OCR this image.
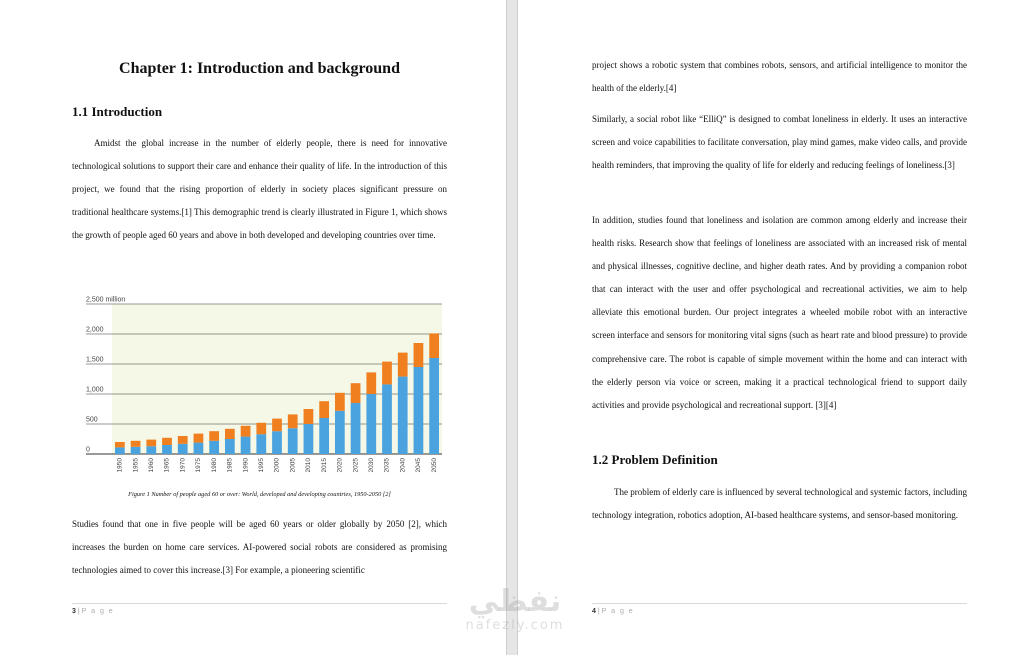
Chapter 1: Introduction and background
1.1 Introduction
Amidst the global increase in the number of elderly people, there is need for innovative technological solutions to support their care and enhance their quality of life. In the introduction of this project, we found that the rising proportion of elderly in society places significant pressure on traditional healthcare systems.[1] This demographic trend is clearly illustrated in Figure 1, which shows the growth of people aged 60 years and above in both developed and developing countries over time.
0
500
1,000
1,500
2,000
2,500 million
1950 1955 1960 1965 1970 1975 1980 1985 1990 1995 2000 2005 2010 2015 2020 2025 2030 2035 2040 2045 2050
Figure 1 Number of people aged 60 or over: World, developed and developing countries, 1950-2050 [2]
Studies found that one in five people will be aged 60 years or older globally by 2050 [2], which increases the burden on home care services. AI-powered social robots are considered as promising technologies aimed to cover this increase.[3] For example, a pioneering scientific
3 | P a g e
project shows a robotic system that combines robots, sensors, and artificial intelligence to monitor the health of the elderly.[4]
Similarly, a social robot like “ElliQ” is designed to combat loneliness in elderly. It uses an interactive screen and voice capabilities to facilitate conversation, play mind games, make video calls, and provide health reminders, that improving the quality of life for elderly and reducing feelings of loneliness.[3]
In addition, studies found that loneliness and isolation are common among elderly and increase their health risks. Research show that feelings of loneliness are associated with an increased risk of mental and physical illnesses, cognitive decline, and higher death rates. And by providing a companion robot that can interact with the user and offer psychological and recreational activities, we aim to help alleviate this emotional burden. Our project integrates a wheeled mobile robot with an interactive screen interface and sensors for monitoring vital signs (such as heart rate and blood pressure) to provide comprehensive care. The robot is capable of simple movement within the home and can interact with the elderly person via voice or screen, making it a practical technological friend to support daily activities and provide psychological and recreational support. [3][4]
1.2 Problem Definition
The problem of elderly care is influenced by several technological and systemic factors, including technology integration, robotics adoption, AI-based healthcare systems, and sensor-based monitoring.
4 | P a g e
نفظي
nafezly.com
